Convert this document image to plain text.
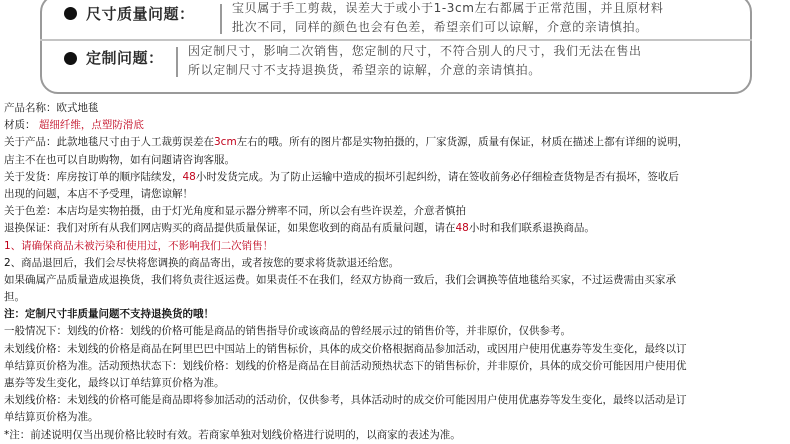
尺寸质量问题：	宝贝属于手工剪裁，误差大于或小于1-3cm左右都属于正常范围，并且原材料
批次不同，同样的颜色也会有色差，希望亲们可以谅解，介意的亲请慎拍。
定制问题： 因定制尺寸，影响二次销售，您定制的尺寸，不符合别人的尺寸，我们无法在售出
所以定制尺寸不支持退换货，希望亲的谅解，介意的亲请慎拍。
产品名称：欧式地毯
材质： 超细纤维，点塑防滑底
关于产品：此款地毯尺寸由于人工裁剪误差在3cm左右的哦。所有的图片都是实物拍摄的，厂家货源，质量有保证，材质在描述上都有详细的说明，
店主不在也可以自助购物，如有问题请咨询客服。
关于发货：库房按订单的顺序陆续发，48小时发货完成。为了防止运输中造成的损坏引起纠纷，请在签收前务必仔细检查货物是否有损坏，签收后
出现的问题，本店不予受理，请您谅解！
关于色差：本店均是实物拍摄，由于灯光角度和显示器分辨率不同，所以会有些许误差，介意者慎拍
退换保证：我们对所有从我们网店购买的商品提供质量保证，如果您收到的商品有质量问题，请在48小时和我们联系退换商品。
1、请确保商品未被污染和使用过，不影响我们二次销售！
2、商品退回后，我们会尽快将您调换的商品寄出，或者按您的要求将货款退还给您。
如果确属产品质量造成退换货，我们将负责往返运费。如果责任不在我们，经双方协商一致后，我们会调换等值地毯给买家，不过运费需由买家承
担。
注：定制尺寸非质量问题不支持退换货的哦！
一般情况下：划线的价格：划线的价格可能是商品的销售指导价或该商品的曾经展示过的销售价等，并非原价，仅供参考。
未划线价格：未划线的价格是商品在阿里巴巴中国站上的销售标价，具体的成交价格根据商品参加活动，或因用户使用优惠券等发生变化，最终以订
单结算页价格为准。活动预热状态下：划线价格：划线的价格是商品在目前活动预热状态下的销售标价，并非原价，具体的成交价可能因用户使用优
惠券等发生变化，最终以订单结算页价格为准。
未划线价格：未划线的价格可能是商品即将参加活动的活动价，仅供参考，具体活动时的成交价可能因用户使用优惠券等发生变化，最终以活动是订
单结算页价格为准。
*注：前述说明仅当出现价格比较时有效。若商家单独对划线价格进行说明的，以商家的表述为准。
